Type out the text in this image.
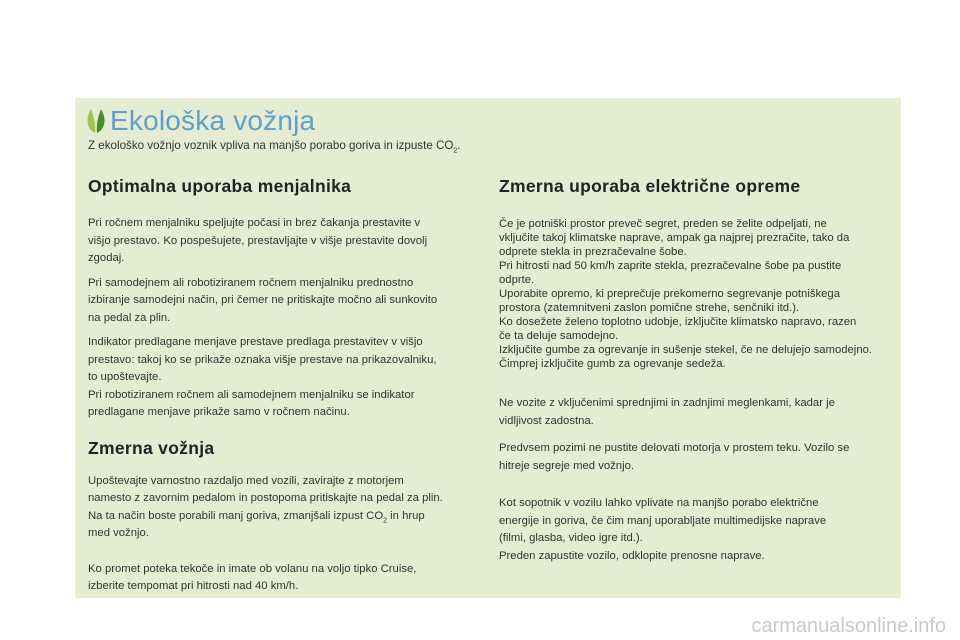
Ekološka vožnja

Z ekološko vožnjo voznik vpliva na manjšo porabo goriva in izpuste $CO_2$.

Optimalna uporaba menjalnika

Pri ročnem menjalniku speljujte počasi in brez čakanja prestavite v
višjo prestavo. Ko pospešujete, prestavljajte v višje prestavite dovolj
zgodaj.

Pri samodejnem ali robotiziranem ročnem menjalniku prednostno
izbiranje samodejni način, pri čemer ne pritiskajte močno ali sunkovito
na pedal za plin.

Indikator predlagane menjave prestave predlaga prestavitev v višjo
prestavo: takoj ko se prikaže oznaka višje prestave na prikazovalniku,
to upoštevajte.
Pri robotiziranem ročnem ali samodejnem menjalniku se indikator
predlagane menjave prikaže samo v ročnem načinu.

Zmerna vožnja

Upoštevajte varnostno razdaljo med vozili, zavirajte z motorjem
namesto z zavornim pedalom in postopoma pritiskajte na pedal za plin.
Na ta način boste porabili manj goriva, zmanjšali izpust $CO_2$ in hrup
med vožnjo.

Ko promet poteka tekoče in imate ob volanu na voljo tipko Cruise,
izberite tempomat pri hitrosti nad 40 km/h.

Zmerna uporaba električne opreme

Če je potniški prostor preveč segret, preden se želite odpeljati, ne
vključite takoj klimatske naprave, ampak ga najprej prezračite, tako da
odprete stekla in prezračevalne šobe.
Pri hitrosti nad 50 km/h zaprite stekla, prezračevalne šobe pa pustite
odprte.
Uporabite opremo, ki preprečuje prekomerno segrevanje potniškega
prostora (zatemnitveni zaslon pomične strehe, senčniki itd.).
Ko dosežete želeno toplotno udobje, izključite klimatsko napravo, razen
če ta deluje samodejno.
Izključite gumbe za ogrevanje in sušenje stekel, če ne delujejo samodejno.
Čimprej izključite gumb za ogrevanje sedeža.

Ne vozite z vključenimi sprednjimi in zadnjimi meglenkami, kadar je
vidljivost zadostna.

Predvsem pozimi ne pustite delovati motorja v prostem teku. Vozilo se
hitreje segreje med vožnjo.

Kot sopotnik v vozilu lahko vplivate na manjšo porabo električne
energije in goriva, če čim manj uporabljate multimedijske naprave
(filmi, glasba, video igre itd.).
Preden zapustite vozilo, odklopite prenosne naprave.

carmanualsonline.info
